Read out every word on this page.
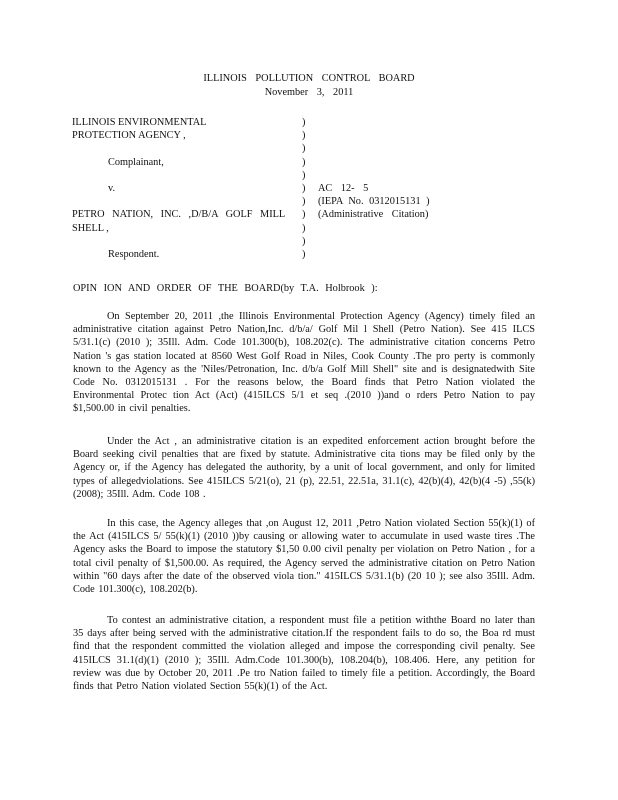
ILLINOIS POLLUTION CONTROL BOARD
November 3, 2011
ILLINOIS ENVIRONMENTAL
PROTECTION AGENCY ,
Complainant,
v.
PETRO NATION, INC. ,D/B/A GOLF MILL
SHELL ,
Respondent.
)
)
)
)
)
)
)
)
)
)
)
AC 12- 5
(IEPA No. 0312015131 )
(Administrative Citation)
OPIN ION AND ORDER OF THE BOARD(by T.A. Holbrook ):

On September 20, 2011 ,the Illinois Environmental Protection Agency (Agency) timely filed an administrative citation against Petro Nation,Inc. d/b/a/ Golf Mil l Shell (Petro Nation). See 415 ILCS 5/31.1(c) (2010 ); 35Ill. Adm. Code 101.300(b), 108.202(c). The administrative citation concerns Petro Nation 's gas station located at 8560 West Golf Road in Niles, Cook County .The pro perty is commonly known to the Agency as the 'Niles/Petronation, Inc. d/b/a Golf Mill Shell" site and is designatedwith Site Code No. 0312015131 . For the reasons below, the Board finds that Petro Nation violated the Environmental Protec tion Act (Act) (415ILCS 5/1 et seq .(2010 ))and o rders Petro Nation to pay $1,500.00 in civil penalties.

Under the Act , an administrative citation is an expedited enforcement action brought before the Board seeking civil penalties that are fixed by statute. Administrative cita tions may be filed only by the Agency or, if the Agency has delegated the authority, by a unit of local government, and only for limited types of allegedviolations. See 415ILCS 5/21(o), 21 (p), 22.51, 22.51a, 31.1(c), 42(b)(4), 42(b)(4 -5) ,55(k) (2008); 35Ill. Adm. Code 108 .

In this case, the Agency alleges that ,on August 12, 2011 ,Petro Nation violated Section 55(k)(1) of the Act (415ILCS 5/ 55(k)(1) (2010 ))by causing or allowing water to accumulate in used waste tires .The Agency asks the Board to impose the statutory $1,50 0.00 civil penalty per violation on Petro Nation , for a total civil penalty of $1,500.00. As required, the Agency served the administrative citation on Petro Nation within "60 days after the date of the observed viola tion." 415ILCS 5/31.1(b) (20 10 ); see also 35Ill. Adm. Code 101.300(c), 108.202(b).

To contest an administrative citation, a respondent must file a petition withthe Board no later than 35 days after being served with the administrative citation.If the respondent fails to do so, the Boa rd must find that the respondent committed the violation alleged and impose the corresponding civil penalty. See 415ILCS 31.1(d)(1) (2010 ); 35Ill. Adm.Code 101.300(b), 108.204(b), 108.406. Here, any petition for review was due by October 20, 2011 .Pe tro Nation failed to timely file a petition. Accordingly, the Board finds that Petro Nation violated Section 55(k)(1) of the Act.
